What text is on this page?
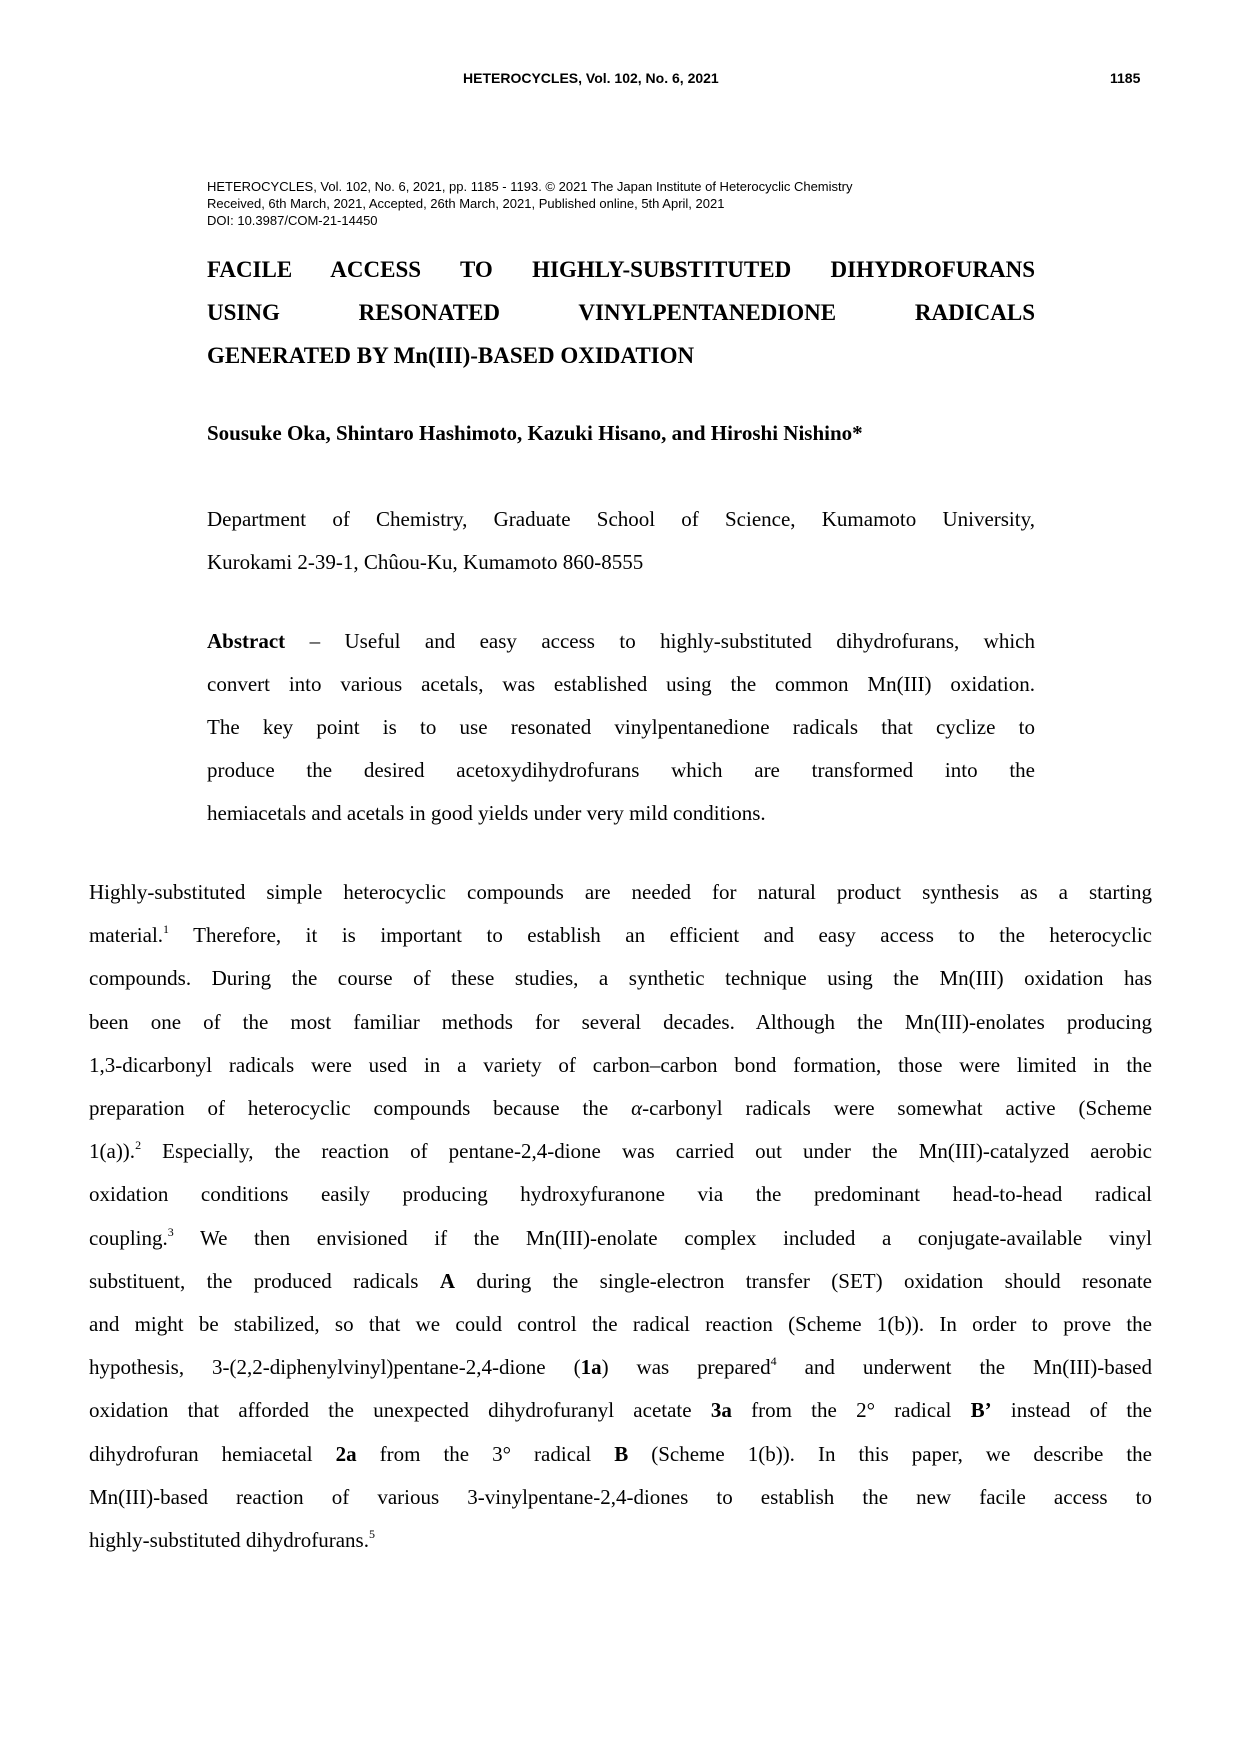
HETEROCYCLES, Vol. 102, No. 6, 2021	1185
HETEROCYCLES, Vol. 102, No. 6, 2021, pp. 1185 - 1193. © 2021 The Japan Institute of Heterocyclic Chemistry
Received, 6th March, 2021, Accepted, 26th March, 2021, Published online, 5th April, 2021
DOI: 10.3987/COM-21-14450
FACILE ACCESS TO HIGHLY-SUBSTITUTED DIHYDROFURANS
USING RESONATED VINYLPENTANEDIONE RADICALS
GENERATED BY Mn(III)-BASED OXIDATION
Sousuke Oka, Shintaro Hashimoto, Kazuki Hisano, and Hiroshi Nishino*
Department of Chemistry, Graduate School of Science, Kumamoto University,
Kurokami 2-39-1, Chûou-Ku, Kumamoto 860-8555
Abstract – Useful and easy access to highly-substituted dihydrofurans, which
convert into various acetals, was established using the common Mn(III) oxidation.
The key point is to use resonated vinylpentanedione radicals that cyclize to
produce the desired acetoxydihydrofurans which are transformed into the
hemiacetals and acetals in good yields under very mild conditions.
Highly-substituted simple heterocyclic compounds are needed for natural product synthesis as a starting
material.$^1$ Therefore, it is important to establish an efficient and easy access to the heterocyclic
compounds. During the course of these studies, a synthetic technique using the Mn(III) oxidation has
been one of the most familiar methods for several decades. Although the Mn(III)-enolates producing
1,3-dicarbonyl radicals were used in a variety of carbon–carbon bond formation, those were limited in the
preparation of heterocyclic compounds because the α-carbonyl radicals were somewhat active (Scheme
1(a)).$^2$ Especially, the reaction of pentane-2,4-dione was carried out under the Mn(III)-catalyzed aerobic
oxidation conditions easily producing hydroxyfuranone via the predominant head-to-head radical
coupling.$^3$ We then envisioned if the Mn(III)-enolate complex included a conjugate-available vinyl
substituent, the produced radicals A during the single-electron transfer (SET) oxidation should resonate
and might be stabilized, so that we could control the radical reaction (Scheme 1(b)). In order to prove the
hypothesis, 3-(2,2-diphenylvinyl)pentane-2,4-dione (1a) was prepared$^4$ and underwent the Mn(III)-based
oxidation that afforded the unexpected dihydrofuranyl acetate 3a from the 2° radical B’ instead of the
dihydrofuran hemiacetal 2a from the 3° radical B (Scheme 1(b)). In this paper, we describe the
Mn(III)-based reaction of various 3-vinylpentane-2,4-diones to establish the new facile access to
highly-substituted dihydrofurans.$^5$
